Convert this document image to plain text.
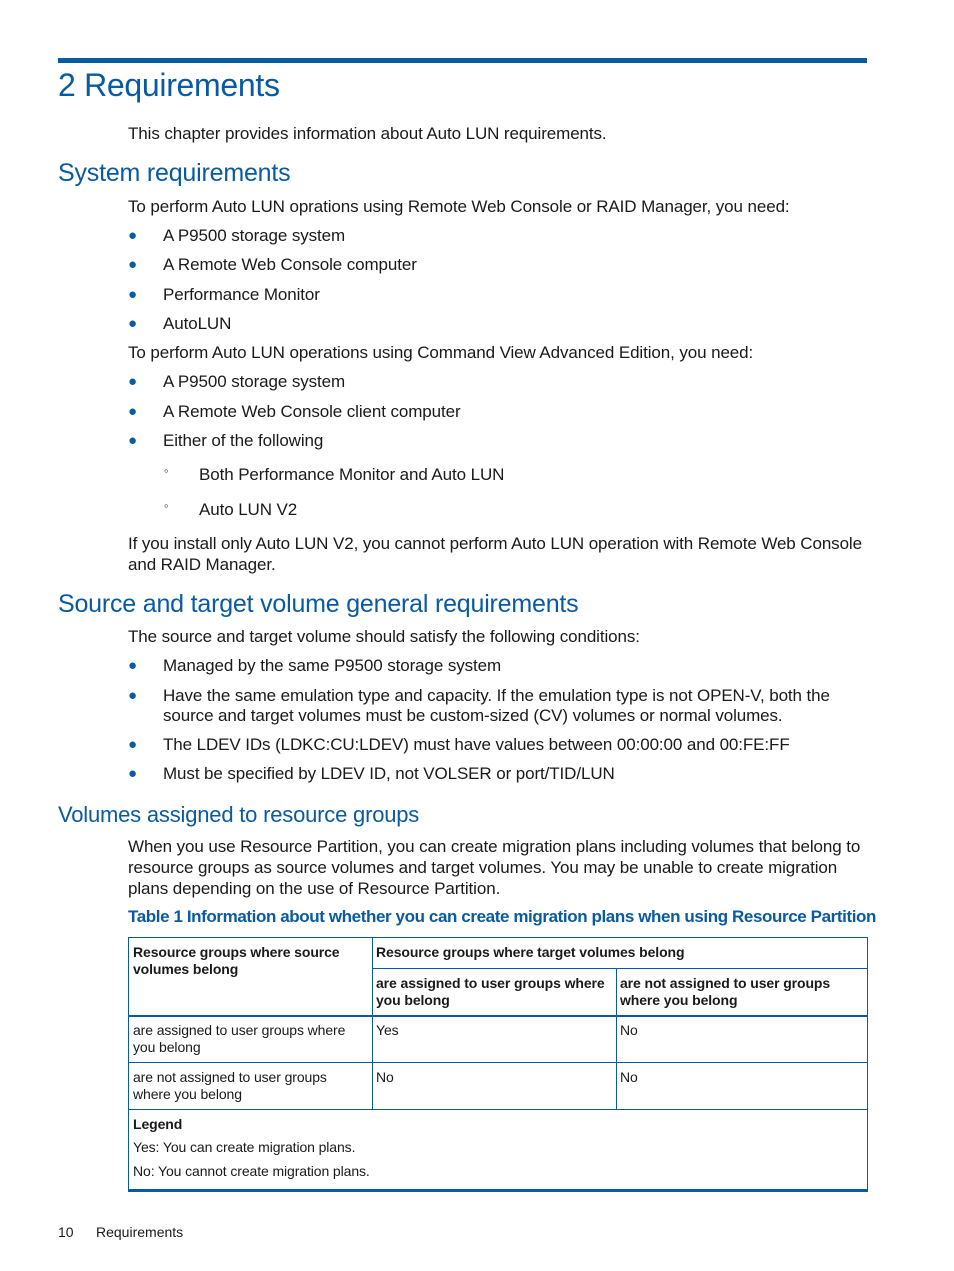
2 Requirements

This chapter provides information about Auto LUN requirements.

System requirements

To perform Auto LUN oprations using Remote Web Console or RAID Manager, you need:

● A P9500 storage system
● A Remote Web Console computer
● Performance Monitor
● AutoLUN

To perform Auto LUN operations using Command View Advanced Edition, you need:

● A P9500 storage system
● A Remote Web Console client computer
● Either of the following
◦ Both Performance Monitor and Auto LUN
◦ Auto LUN V2

If you install only Auto LUN V2, you cannot perform Auto LUN operation with Remote Web Console and RAID Manager.

Source and target volume general requirements

The source and target volume should satisfy the following conditions:

● Managed by the same P9500 storage system
● Have the same emulation type and capacity. If the emulation type is not OPEN-V, both the source and target volumes must be custom-sized (CV) volumes or normal volumes.
● The LDEV IDs (LDKC:CU:LDEV) must have values between 00:00:00 and 00:FE:FF
● Must be specified by LDEV ID, not VOLSER or port/TID/LUN
Volumes assigned to resource groups

When you use Resource Partition, you can create migration plans including volumes that belong to resource groups as source volumes and target volumes. You may be unable to create migration plans depending on the use of Resource Partition.

Table 1 Information about whether you can create migration plans when using Resource Partition
Resource groups where source volumes belong
Resource groups where target volumes belong
are assigned to user groups where you belong
are not assigned to user groups where you belong
are assigned to user groups where you belong
Yes	No
are not assigned to user groups where you belong
No	No
Legend
Yes: You can create migration plans.
No: You cannot create migration plans.
10 Requirements
